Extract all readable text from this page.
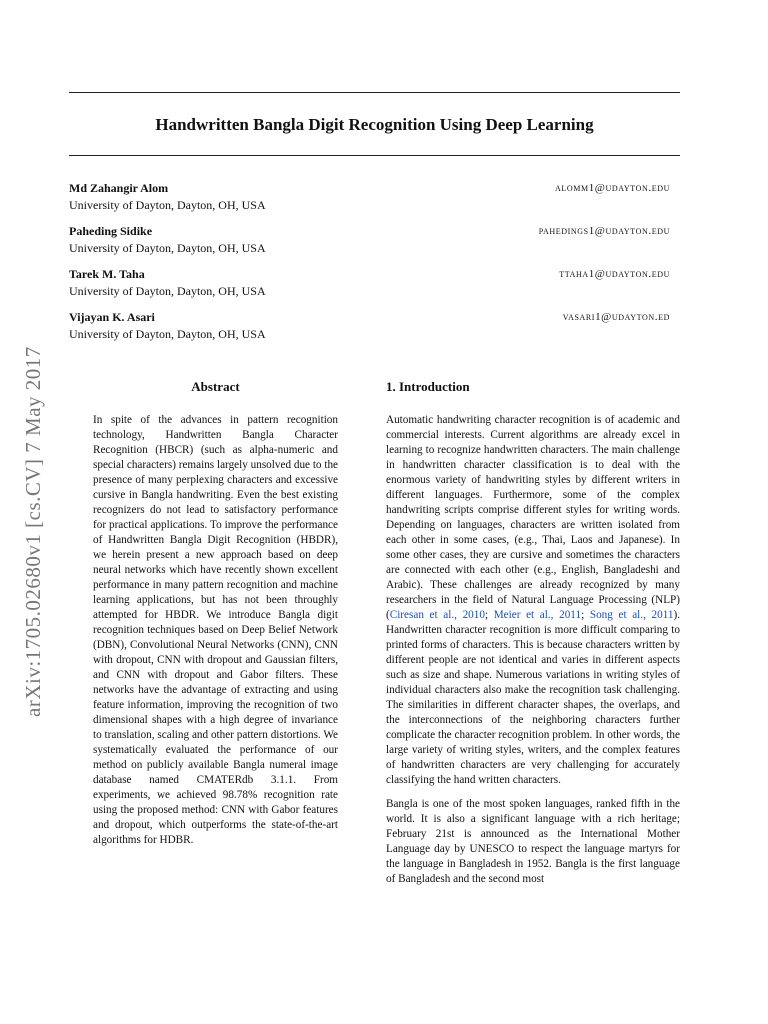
arXiv:1705.02680v1 [cs.CV] 7 May 2017
Handwritten Bangla Digit Recognition Using Deep Learning
Md Zahangir Alom
University of Dayton, Dayton, OH, USA
alomm1@udayton.edu
Paheding Sidike
University of Dayton, Dayton, OH, USA
pahedings1@udayton.edu
Tarek M. Taha
University of Dayton, Dayton, OH, USA
ttaha1@udayton.edu
Vijayan K. Asari
University of Dayton, Dayton, OH, USA
vasari1@udayton.ed
Abstract

In spite of the advances in pattern recognition technology, Handwritten Bangla Character Recognition (HBCR) (such as alpha-numeric and special characters) remains largely unsolved due to the presence of many perplexing characters and excessive cursive in Bangla handwriting. Even the best existing recognizers do not lead to satisfactory performance for practical applications. To improve the performance of Handwritten Bangla Digit Recognition (HBDR), we herein present a new approach based on deep neural networks which have recently shown excellent performance in many pattern recognition and machine learning applications, but has not been throughly attempted for HBDR. We introduce Bangla digit recognition techniques based on Deep Belief Network (DBN), Convolutional Neural Networks (CNN), CNN with dropout, CNN with dropout and Gaussian filters, and CNN with dropout and Gabor filters. These networks have the advantage of extracting and using feature information, improving the recognition of two dimensional shapes with a high degree of invariance to translation, scaling and other pattern distortions. We systematically evaluated the performance of our method on publicly available Bangla numeral image database named CMATERdb 3.1.1. From experiments, we achieved 98.78% recognition rate using the proposed method: CNN with Gabor features and dropout, which outperforms the state-of-the-art algorithms for HDBR.

1. Introduction

Automatic handwriting character recognition is of academic and commercial interests. Current algorithms are already excel in learning to recognize handwritten characters. The main challenge in handwritten character classification is to deal with the enormous variety of handwriting styles by different writers in different languages. Furthermore, some of the complex handwriting scripts comprise different styles for writing words. Depending on languages, characters are written isolated from each other in some cases, (e.g., Thai, Laos and Japanese). In some other cases, they are cursive and sometimes the characters are connected with each other (e.g., English, Bangladeshi and Arabic). These challenges are already recognized by many researchers in the field of Natural Language Processing (NLP) (Ciresan et al., 2010; Meier et al., 2011; Song et al., 2011). Handwritten character recognition is more difficult comparing to printed forms of characters. This is because characters written by different people are not identical and varies in different aspects such as size and shape. Numerous variations in writing styles of individual characters also make the recognition task challenging. The similarities in different character shapes, the overlaps, and the interconnections of the neighboring characters further complicate the character recognition problem. In other words, the large variety of writing styles, writers, and the complex features of handwritten characters are very challenging for accurately classifying the hand written characters.

Bangla is one of the most spoken languages, ranked fifth in the world. It is also a significant language with a rich heritage; February 21st is announced as the International Mother Language day by UNESCO to respect the language martyrs for the language in Bangladesh in 1952. Bangla is the first language of Bangladesh and the second most
